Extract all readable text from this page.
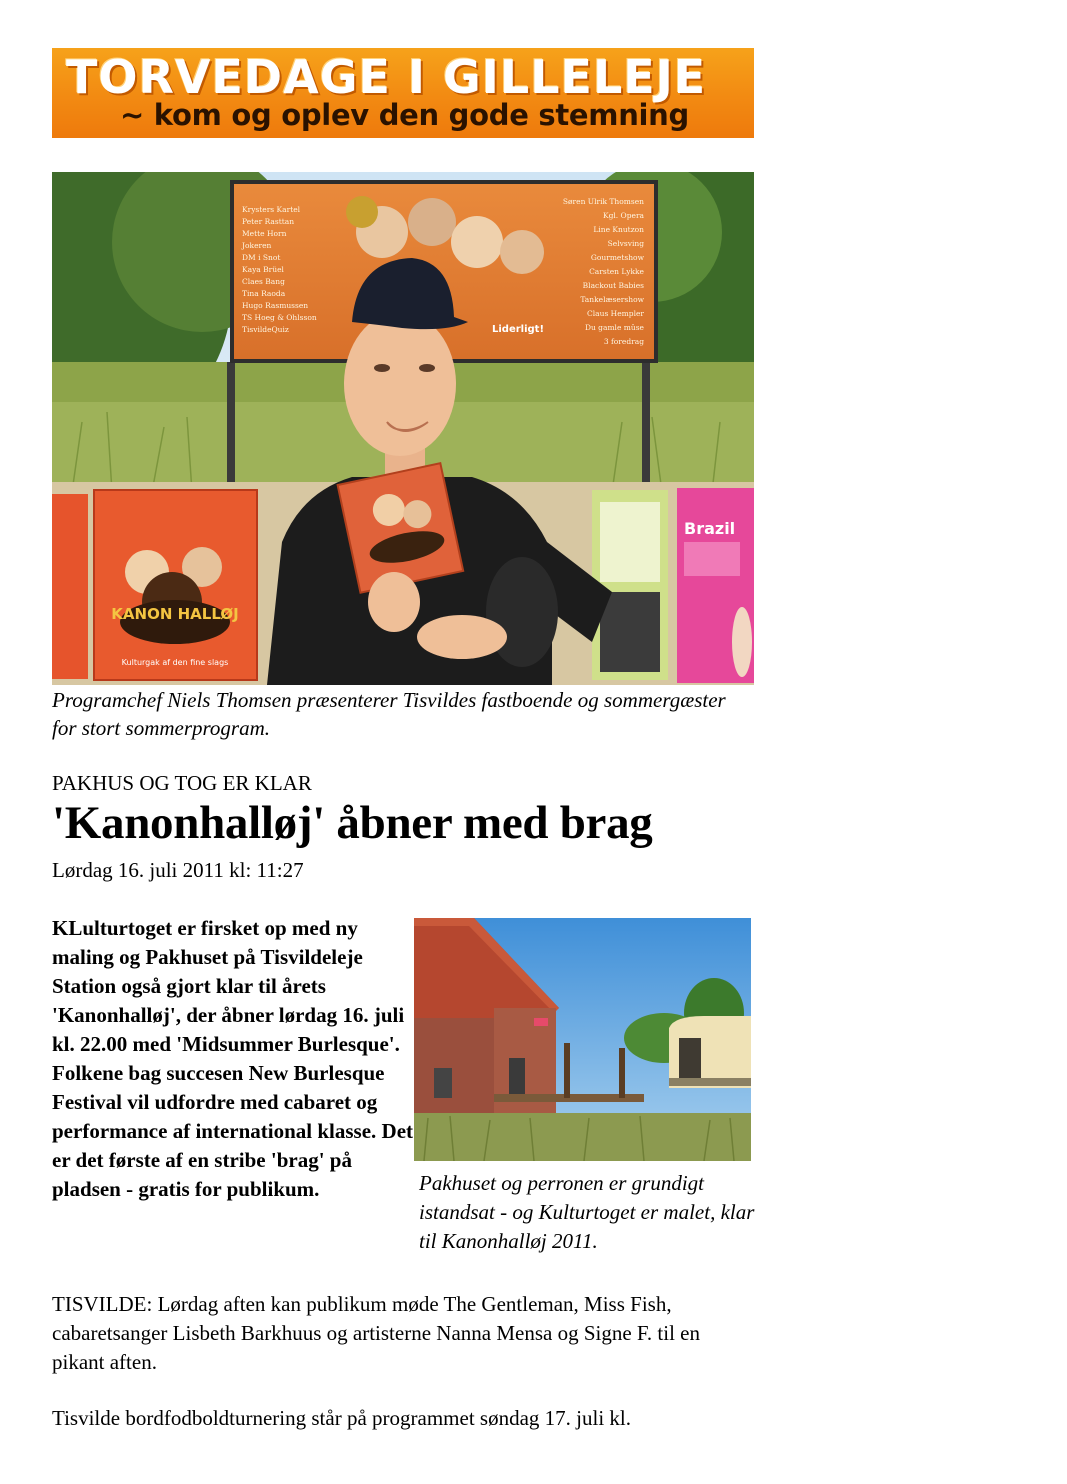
TORVEDAGE I GILLELEJE
~ kom og oplev den gode stemning
Krysters Kartel
Peter Rasttan
Mette Horn
Jokeren
DM i Snot
Kaya Brüel
Claes Bang
Tina Raoda
Hugo Rasmussen
TS Hoeg & Ohlsson
TisvildeQuiz
Søren Ulrik Thomsen
Kgl. Opera
Line Knutzon
Selvsving
Gourmetshow
Carsten Lykke
Blackout Babies
Tankelæsershow
Claus Hempler
Du gamle mûse
3 foredrag
Liderligt!
KANON HALLØJ
Kulturgak af den fine slags
Brazil
Programchef Niels Thomsen præsenterer Tisvildes fastboende og sommergæster for stort sommerprogram.
PAKHUS OG TOG ER KLAR
'Kanonhalløj' åbner med brag
Lørdag 16. juli 2011 kl: 11:27
KLulturtoget er firsket op med ny maling og Pakhuset på Tisvildeleje Station også gjort klar til årets 'Kanonhalløj', der åbner lørdag 16. juli kl. 22.00 med 'Midsummer Burlesque'. Folkene bag succesen New Burlesque Festival vil udfordre med cabaret og performance af international klasse. Det er det første af en stribe 'brag' på pladsen - gratis for publikum.	Pakhuset og perronen er grundigt istandsat - og Kulturtoget er malet, klar til Kanonhalløj 2011.
TISVILDE: Lørdag aften kan publikum møde The Gentleman, Miss Fish, cabaretsanger Lisbeth Barkhuus og artisterne Nanna Mensa og Signe F. til en pikant aften.
Tisvilde bordfodboldturnering står på programmet søndag 17. juli kl.
